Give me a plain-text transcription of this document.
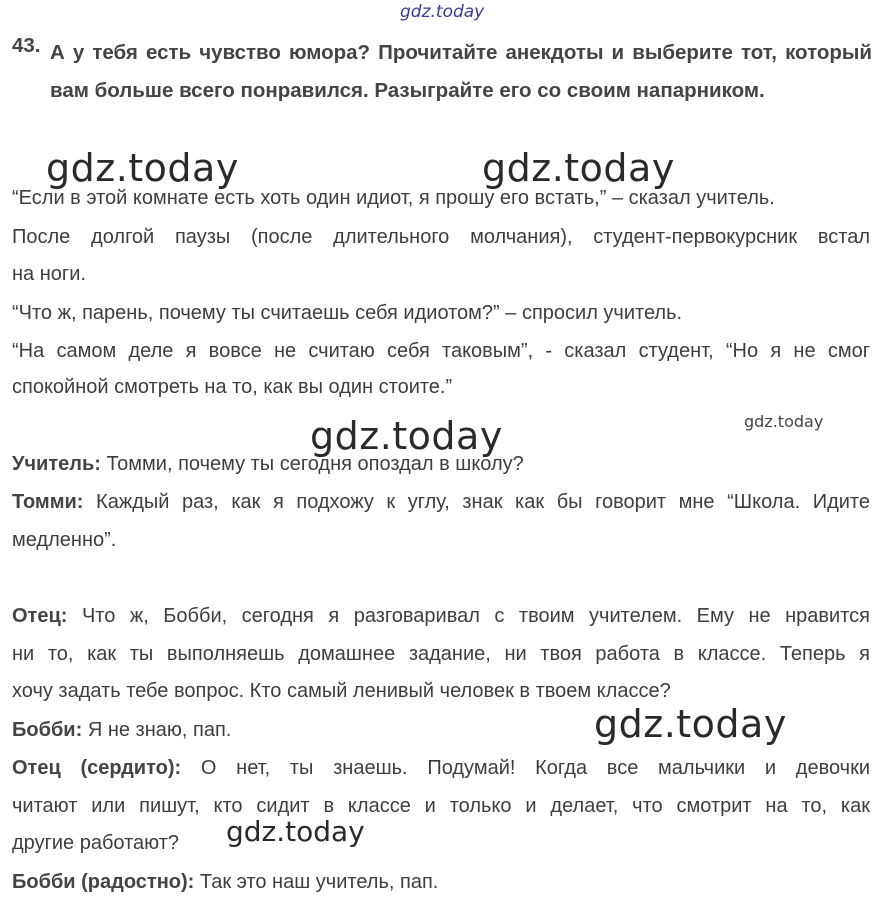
gdz.today
gdz.today	gdz.today
gdz.today	gdz.today
gdz.today
gdz.today
43. А у тебя есть чувство юмора? Прочитайте анекдоты и выберите тот, который вам больше всего понравился. Разыграйте его со своим напарником.
“Если в этой комнате есть хоть один идиот, я прошу его встать,” – сказал учитель.
После долгой паузы (после длительного молчания), студент-первокурсник встал
на ноги.
“Что ж, парень, почему ты считаешь себя идиотом?” – спросил учитель.
“На самом деле я вовсе не считаю себя таковым”, - сказал студент, “Но я не смог
спокойной смотреть на то, как вы один стоите.”
Учитель: Томми, почему ты сегодня опоздал в школу?
Томми: Каждый раз, как я подхожу к углу, знак как бы говорит мне “Школа. Идите
медленно”.
Отец: Что ж, Бобби, сегодня я разговаривал с твоим учителем. Ему не нравится
ни то, как ты выполняешь домашнее задание, ни твоя работа в классе. Теперь я
хочу задать тебе вопрос. Кто самый ленивый человек в твоем классе?
Бобби: Я не знаю, пап.
Отец (сердито): О нет, ты знаешь. Подумай! Когда все мальчики и девочки
читают или пишут, кто сидит в классе и только и делает, что смотрит на то, как
другие работают?
Бобби (радостно): Так это наш учитель, пап.
